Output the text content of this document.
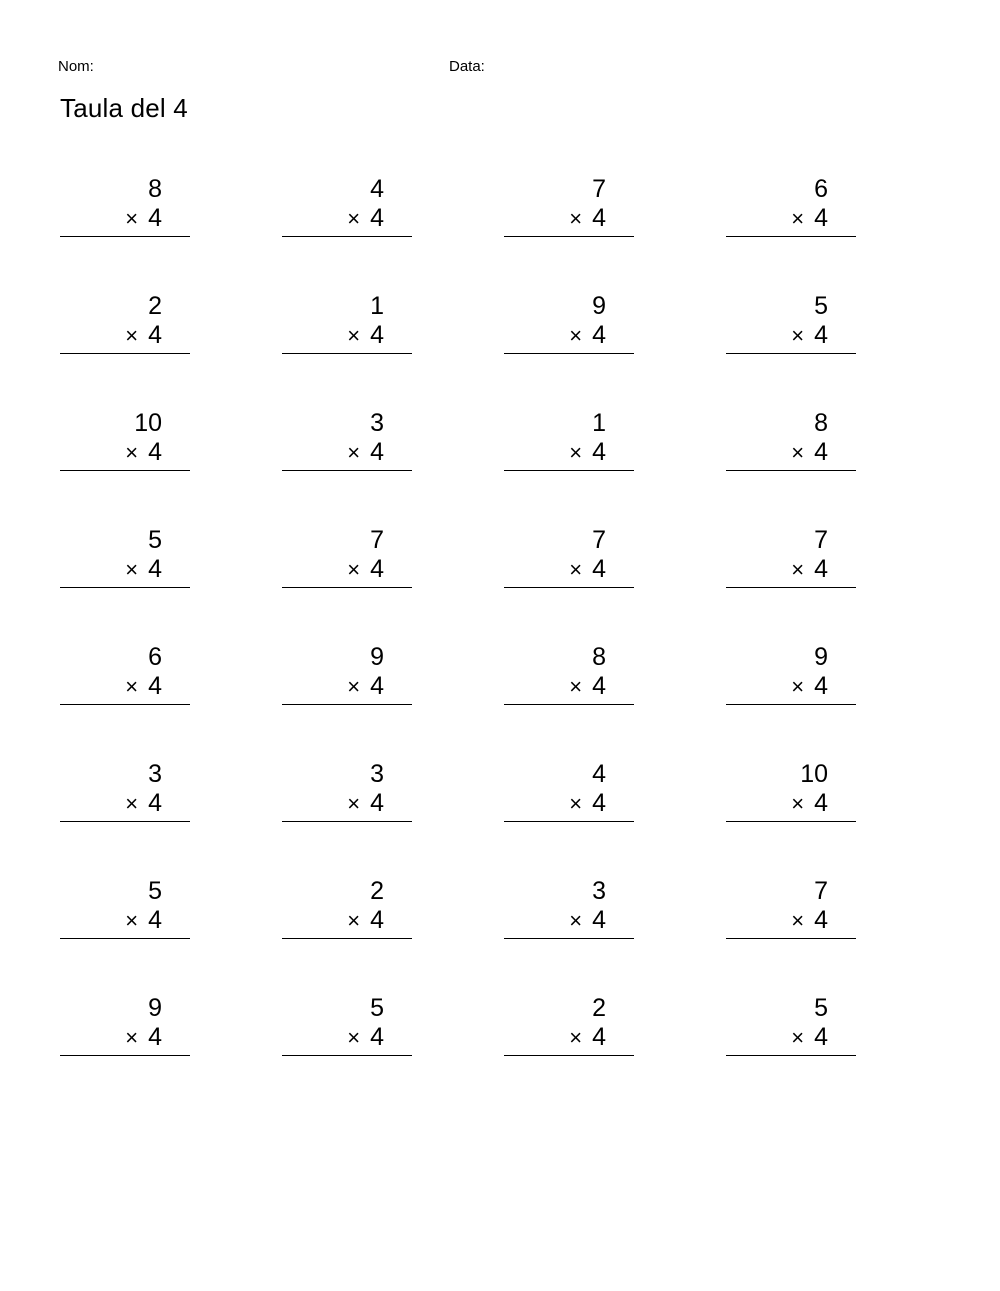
Nom:	Data:
Taula del 4
8
× 4
4
× 4
7
× 4
6
× 4
2
× 4
1
× 4
9
× 4
5
× 4
10
× 4
3
× 4
1
× 4
8
× 4
5
× 4
7
× 4
7
× 4
7
× 4
6
× 4
9
× 4
8
× 4
9
× 4
3
× 4
3
× 4
4
× 4
10
× 4
5
× 4
2
× 4
3
× 4
7
× 4
9
× 4
5
× 4
2
× 4
5
× 4
